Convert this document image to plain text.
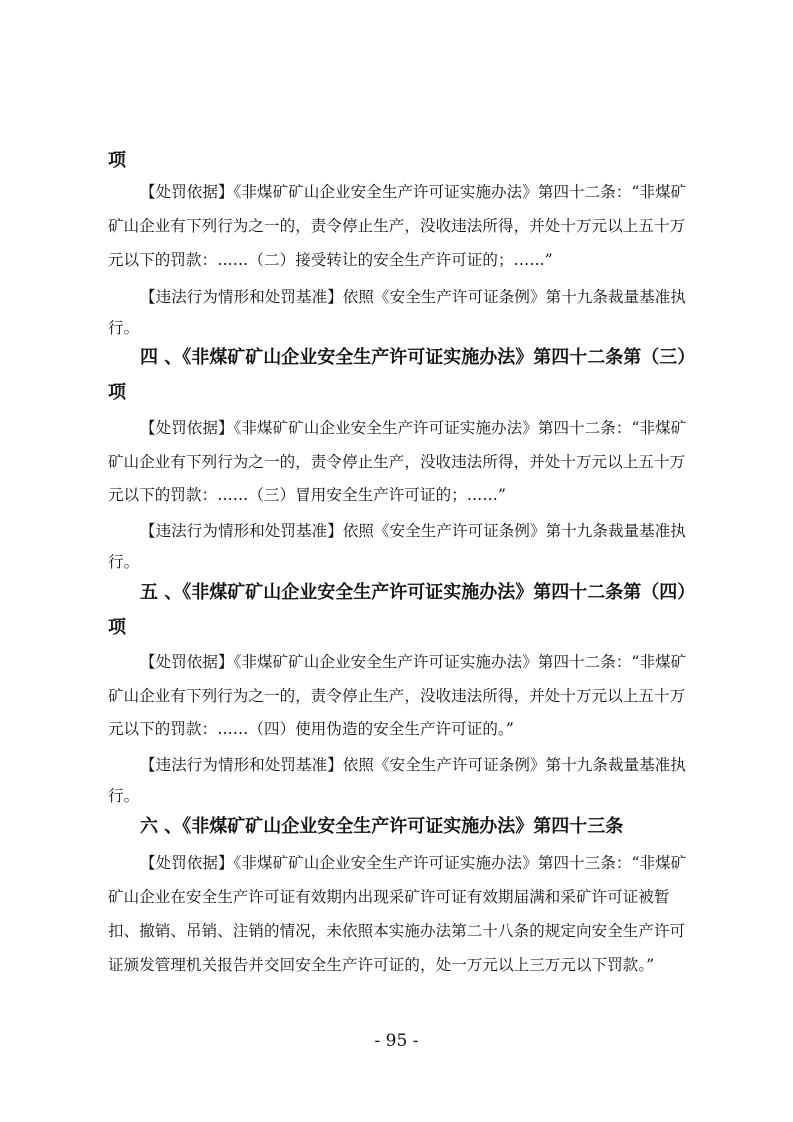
项
【处罚依据】《非煤矿矿山企业安全生产许可证实施办法》第四十二条：“非煤矿
矿山企业有下列行为之一的，责令停止生产，没收违法所得，并处十万元以上五十万
元以下的罚款：……（二）接受转让的安全生产许可证的；……”
【违法行为情形和处罚基准】依照《安全生产许可证条例》第十九条裁量基准执
行。
四 、《非煤矿矿山企业安全生产许可证实施办法》第四十二条第（三）
项
【处罚依据】《非煤矿矿山企业安全生产许可证实施办法》第四十二条：“非煤矿
矿山企业有下列行为之一的，责令停止生产，没收违法所得，并处十万元以上五十万
元以下的罚款：……（三）冒用安全生产许可证的；……”
【违法行为情形和处罚基准】依照《安全生产许可证条例》第十九条裁量基准执
行。
五 、《非煤矿矿山企业安全生产许可证实施办法》第四十二条第（四）
项
【处罚依据】《非煤矿矿山企业安全生产许可证实施办法》第四十二条：“非煤矿
矿山企业有下列行为之一的，责令停止生产，没收违法所得，并处十万元以上五十万
元以下的罚款：……（四）使用伪造的安全生产许可证的。”
【违法行为情形和处罚基准】依照《安全生产许可证条例》第十九条裁量基准执
行。
六 、《非煤矿矿山企业安全生产许可证实施办法》第四十三条
【处罚依据】《非煤矿矿山企业安全生产许可证实施办法》第四十三条：“非煤矿
矿山企业在安全生产许可证有效期内出现采矿许可证有效期届满和采矿许可证被暂
扣、撤销、吊销、注销的情况，未依照本实施办法第二十八条的规定向安全生产许可
证颁发管理机关报告并交回安全生产许可证的，处一万元以上三万元以下罚款。”
- 95 -
